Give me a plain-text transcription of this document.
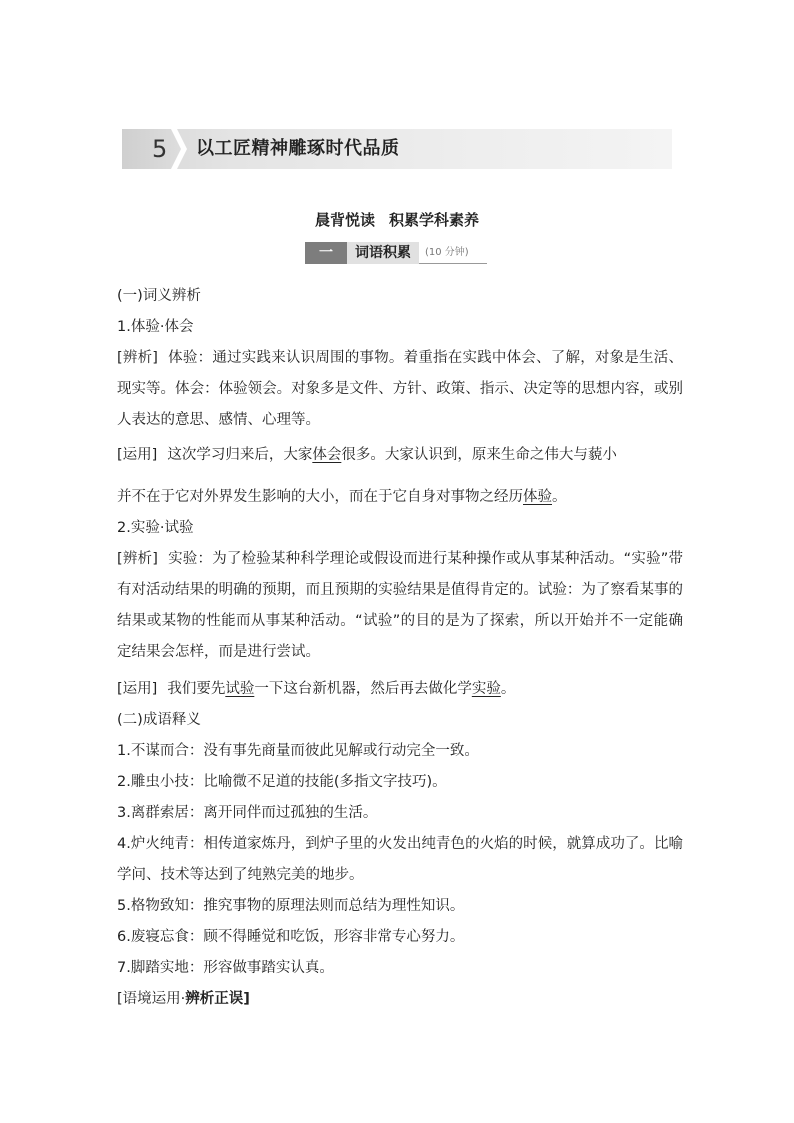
5 以工匠精神雕琢时代品质
晨背悦读 积累学科素养
一	词语积累	(10 分钟)

(一)词义辨析

1.体验·体会

[辨析] 体验：通过实践来认识周围的事物。着重指在实践中体会、了解，对象是生活、现实等。体会：体验领会。对象多是文件、方针、政策、指示、决定等的思想内容，或别人表达的意思、感情、心理等。

[运用] 这次学习归来后，大家体会很多。大家认识到，原来生命之伟大与藐小

并不在于它对外界发生影响的大小，而在于它自身对事物之经历体验。

2.实验·试验

[辨析] 实验：为了检验某种科学理论或假设而进行某种操作或从事某种活动。“实验”带有对活动结果的明确的预期，而且预期的实验结果是值得肯定的。试验：为了察看某事的结果或某物的性能而从事某种活动。“试验”的目的是为了探索，所以开始并不一定能确定结果会怎样，而是进行尝试。

[运用] 我们要先试验一下这台新机器，然后再去做化学实验。

(二)成语释义

1.不谋而合：没有事先商量而彼此见解或行动完全一致。

2.雕虫小技：比喻微不足道的技能(多指文字技巧)。

3.离群索居：离开同伴而过孤独的生活。

4.炉火纯青：相传道家炼丹，到炉子里的火发出纯青色的火焰的时候，就算成功了。比喻学问、技术等达到了纯熟完美的地步。

5.格物致知：推究事物的原理法则而总结为理性知识。

6.废寝忘食：顾不得睡觉和吃饭，形容非常专心努力。

7.脚踏实地：形容做事踏实认真。

[语境运用·辨析正误]
